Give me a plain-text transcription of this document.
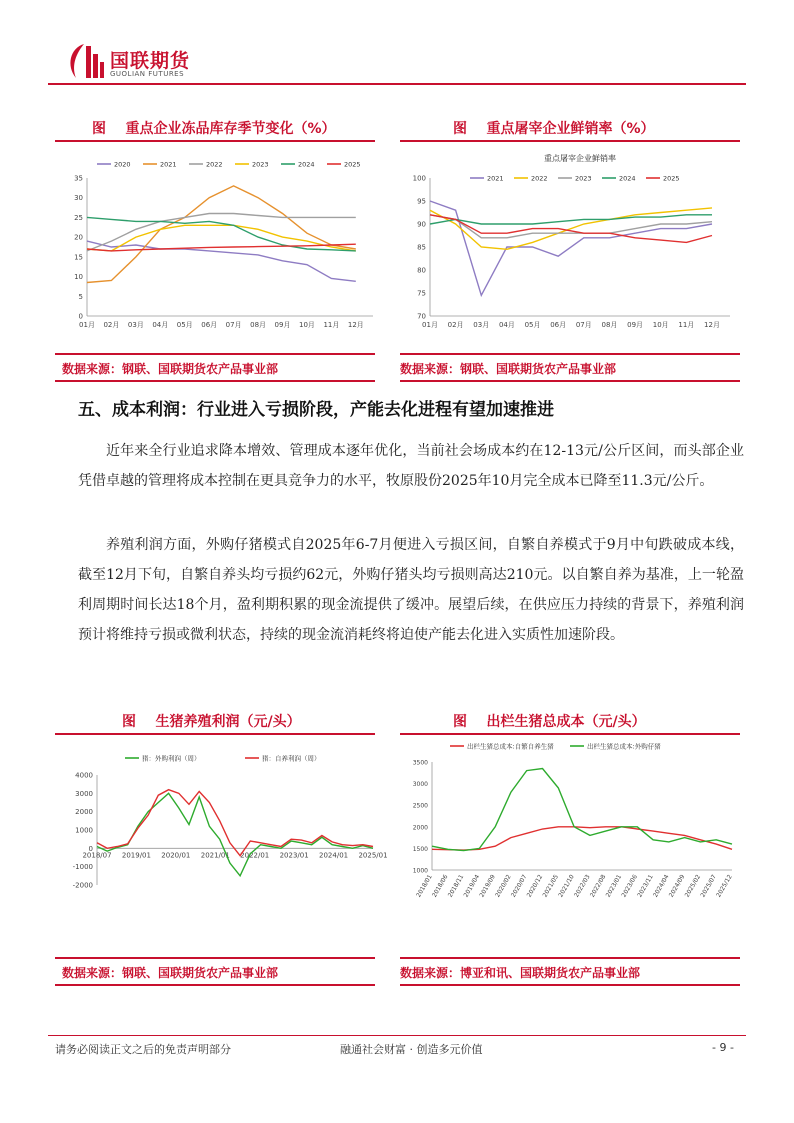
国联期货
GUOLIAN FUTURES
图    重点企业冻品库存季节变化（%）	图    重点屠宰企业鲜销率（%）
0
5
10
15
20
25
30
35
01月 02月 03月 04月 05月 06月 07月 08月 09月 10月 11月 12月
2020	2021	2022	2023	2024	2025
重点屠宰企业鲜销率
70
75
80
85
90
95
100
01月 02月 03月 04月 05月 06月 07月 08月 09月 10月 11月 12月
2021	2022	2023	2024	2025
数据来源：钢联、国联期货农产品事业部	数据来源：钢联、国联期货农产品事业部
五、成本利润：行业进入亏损阶段，产能去化进程有望加速推进
近年来全行业追求降本增效、管理成本逐年优化，当前社会场成本约在12-13元/公斤区间，而头部企业凭借卓越的管理将成本控制在更具竞争力的水平，牧原股份2025年10月完全成本已降至11.3元/公斤。
养殖利润方面，外购仔猪模式自2025年6-7月便进入亏损区间，自繁自养模式于9月中旬跌破成本线，截至12月下旬，自繁自养头均亏损约62元，外购仔猪头均亏损则高达210元。以自繁自养为基准，上一轮盈利周期时间长达18个月，盈利期积累的现金流提供了缓冲。展望后续，在供应压力持续的背景下，养殖利润预计将维持亏损或微利状态，持续的现金流消耗终将迫使产能去化进入实质性加速阶段。
图    生猪养殖利润（元/头）	图    出栏生猪总成本（元/头）
-2000
-1000
0
1000
2000
3000
4000
2018/07 2019/01 2020/01 2021/01 2022/01 2023/01 2024/01 2025/01
猪：外购利润（周）	猪：自养利润（周）
1000
1500
2000
2500
3000
3500
2018/01
2018/06
2018/11
2019/04
2019/09
2020/02
2020/07
2020/12
2021/05
2021/10
2022/03
2022/08
2023/01
2023/06
2023/11
2024/04
2024/09
2025/02
2025/07
2025/12
出栏生猪总成本:自繁自养生猪	出栏生猪总成本:外购仔猪
数据来源：钢联、国联期货农产品事业部	数据来源：博亚和讯、国联期货农产品事业部
请务必阅读正文之后的免责声明部分	融通社会财富 · 创造多元价值	- 9 -
